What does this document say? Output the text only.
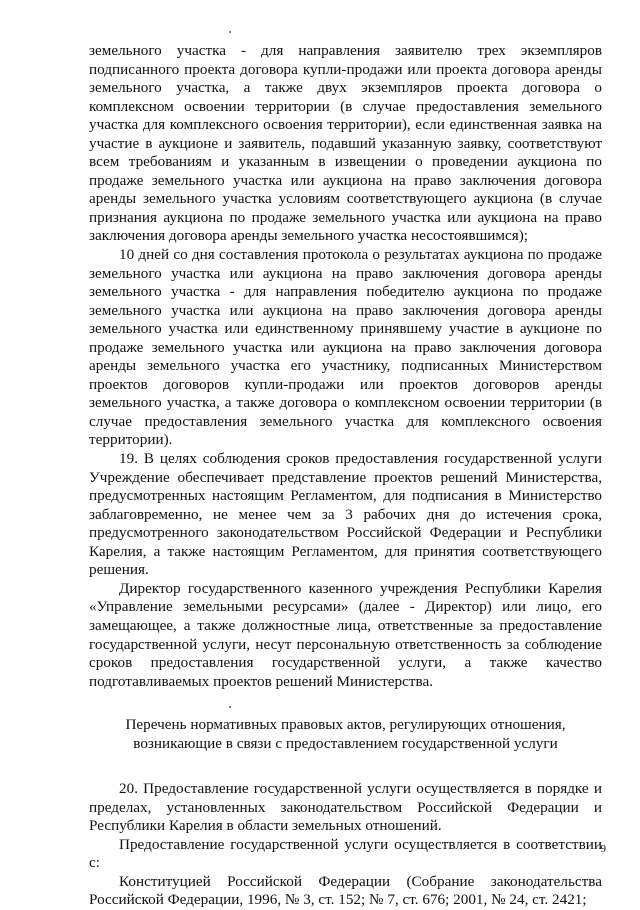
земельного участка - для направления заявителю трех экземпляров подписанного проекта договора купли-продажи или проекта договора аренды земельного участка, а также двух экземпляров проекта договора о комплексном освоении территории (в случае предоставления земельного участка для комплексного освоения территории), если единственная заявка на участие в аукционе и заявитель, подавший указанную заявку, соответствуют всем требованиям и указанным в извещении о проведении аукциона по продаже земельного участка или аукциона на право заключения договора аренды земельного участка условиям соответствующего аукциона (в случае признания аукциона по продаже земельного участка или аукциона на право заключения договора аренды земельного участка несостоявшимся);

10 дней со дня составления протокола о результатах аукциона по продаже земельного участка или аукциона на право заключения договора аренды земельного участка - для направления победителю аукциона по продаже земельного участка или аукциона на право заключения договора аренды земельного участка или единственному принявшему участие в аукционе по продаже земельного участка или аукциона на право заключения договора аренды земельного участка его участнику, подписанных Министерством проектов договоров купли-продажи или проектов договоров аренды земельного участка, а также договора о комплексном освоении территории (в случае предоставления земельного участка для комплексного освоения территории).

19. В целях соблюдения сроков предоставления государственной услуги Учреждение обеспечивает представление проектов решений Министерства, предусмотренных настоящим Регламентом, для подписания в Министерство заблаговременно, не менее чем за 3 рабочих дня до истечения срока, предусмотренного законодательством Российской Федерации и Республики Карелия, а также настоящим Регламентом, для принятия соответствующего решения.

Директор государственного казенного учреждения Республики Карелия «Управление земельными ресурсами» (далее - Директор) или лицо, его замещающее, а также должностные лица, ответственные за предоставление государственной услуги, несут персональную ответственность за соблюдение сроков предоставления государственной услуги, а также качество подготавливаемых проектов решений Министерства.

Перечень нормативных правовых актов, регулирующих отношения,
возникающие в связи с предоставлением государственной услуги

20. Предоставление государственной услуги осуществляется в порядке и пределах, установленных законодательством Российской Федерации и Республики Карелия в области земельных отношений.

Предоставление государственной услуги осуществляется в соответствии с:

Конституцией Российской Федерации (Собрание законодательства Российской Федерации, 1996, № 3, ст. 152; № 7, ст. 676; 2001, № 24, ст. 2421;

9
